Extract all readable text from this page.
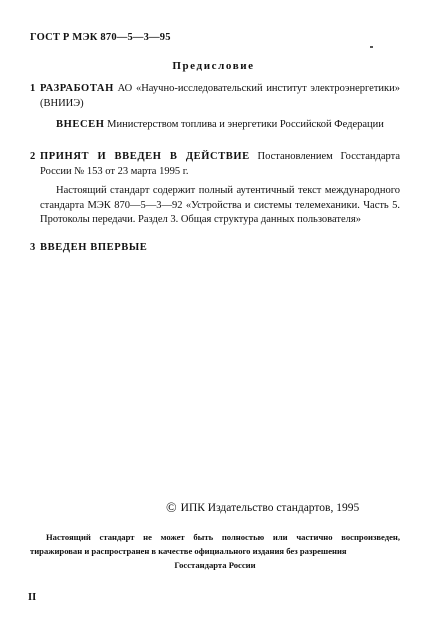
ГОСТ Р МЭК 870—5—3—95
Предисловие
1 РАЗРАБОТАН АО «Научно-исследовательский институт электроэнергетики» (ВНИИЭ)
ВНЕСЕН Министерством топлива и энергетики Российской Федерации
2 ПРИНЯТ И ВВЕДЕН В ДЕЙСТВИЕ Постановлением Госстандарта России № 153 от 23 марта 1995 г.
Настоящий стандарт содержит полный аутентичный текст международного стандарта МЭК 870—5—3—92 «Устройства и системы телемеханики. Часть 5. Протоколы передачи. Раздел 3. Общая структура данных пользователя»
3 ВВЕДЕН ВПЕРВЫЕ
© ИПК Издательство стандартов, 1995
Настоящий стандарт не может быть полностью или частично воспроизведен, тиражирован и распространен в качестве официального издания без разрешения
Госстандарта России
II
